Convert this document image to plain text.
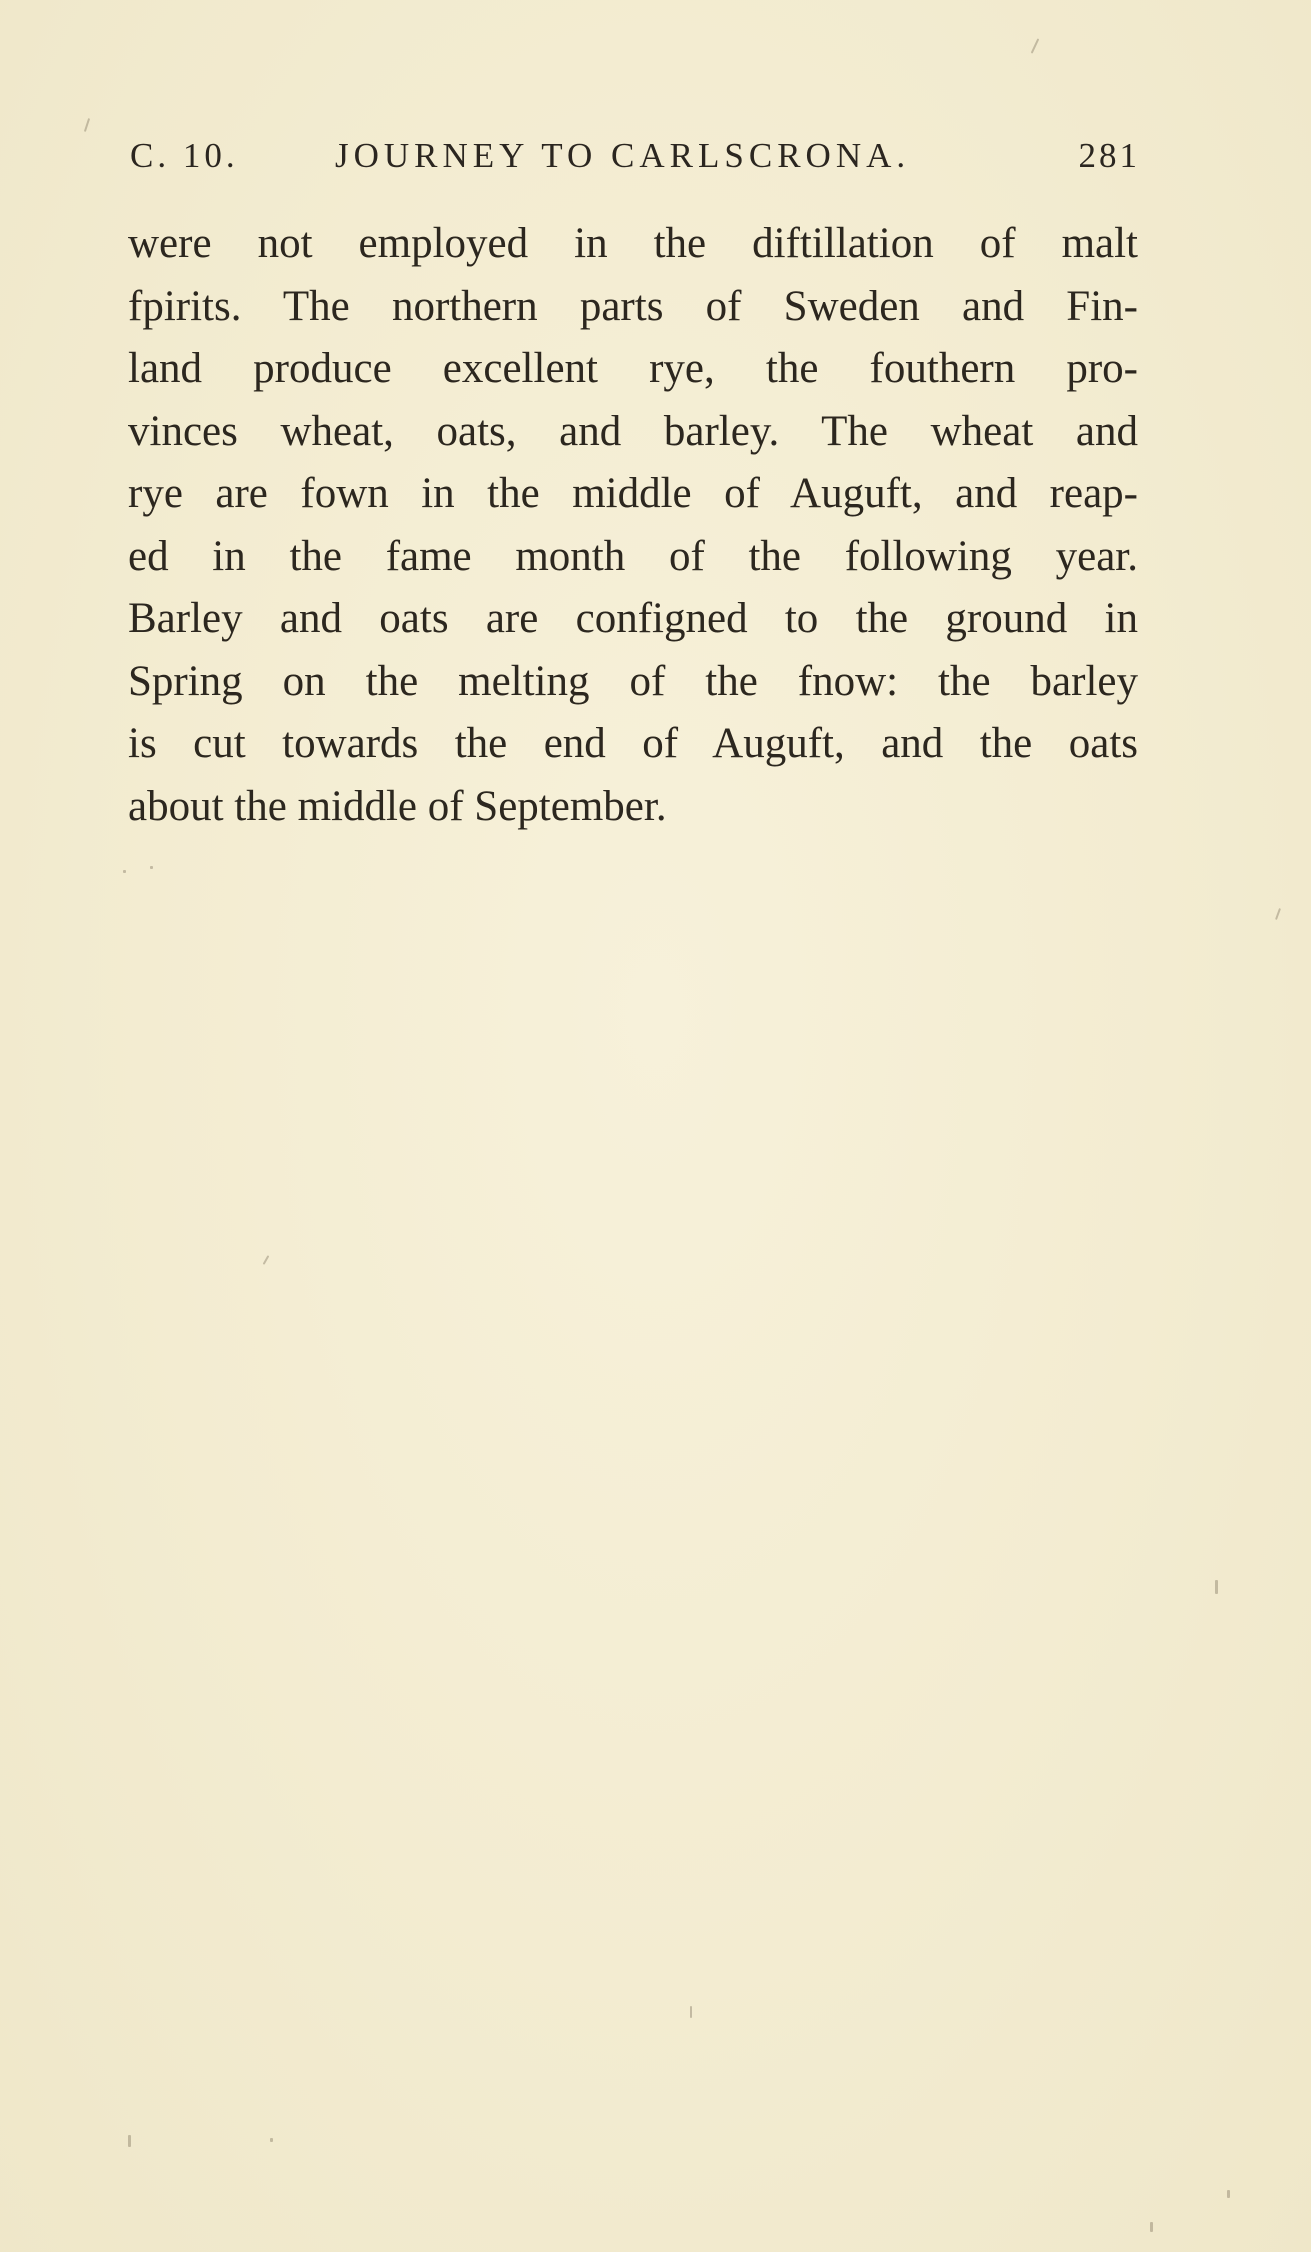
C. 10.	JOURNEY TO CARLSCRONA.	281
were not employed in the diftillation of malt
fpirits. The northern parts of Sweden and Fin-
land produce excellent rye, the fouthern pro-
vinces wheat, oats, and barley. The wheat and
rye are fown in the middle of Auguft, and reap-
ed in the fame month of the following year.
Barley and oats are configned to the ground in
Spring on the melting of the fnow: the barley
is cut towards the end of Auguft, and the oats
about the middle of September.
